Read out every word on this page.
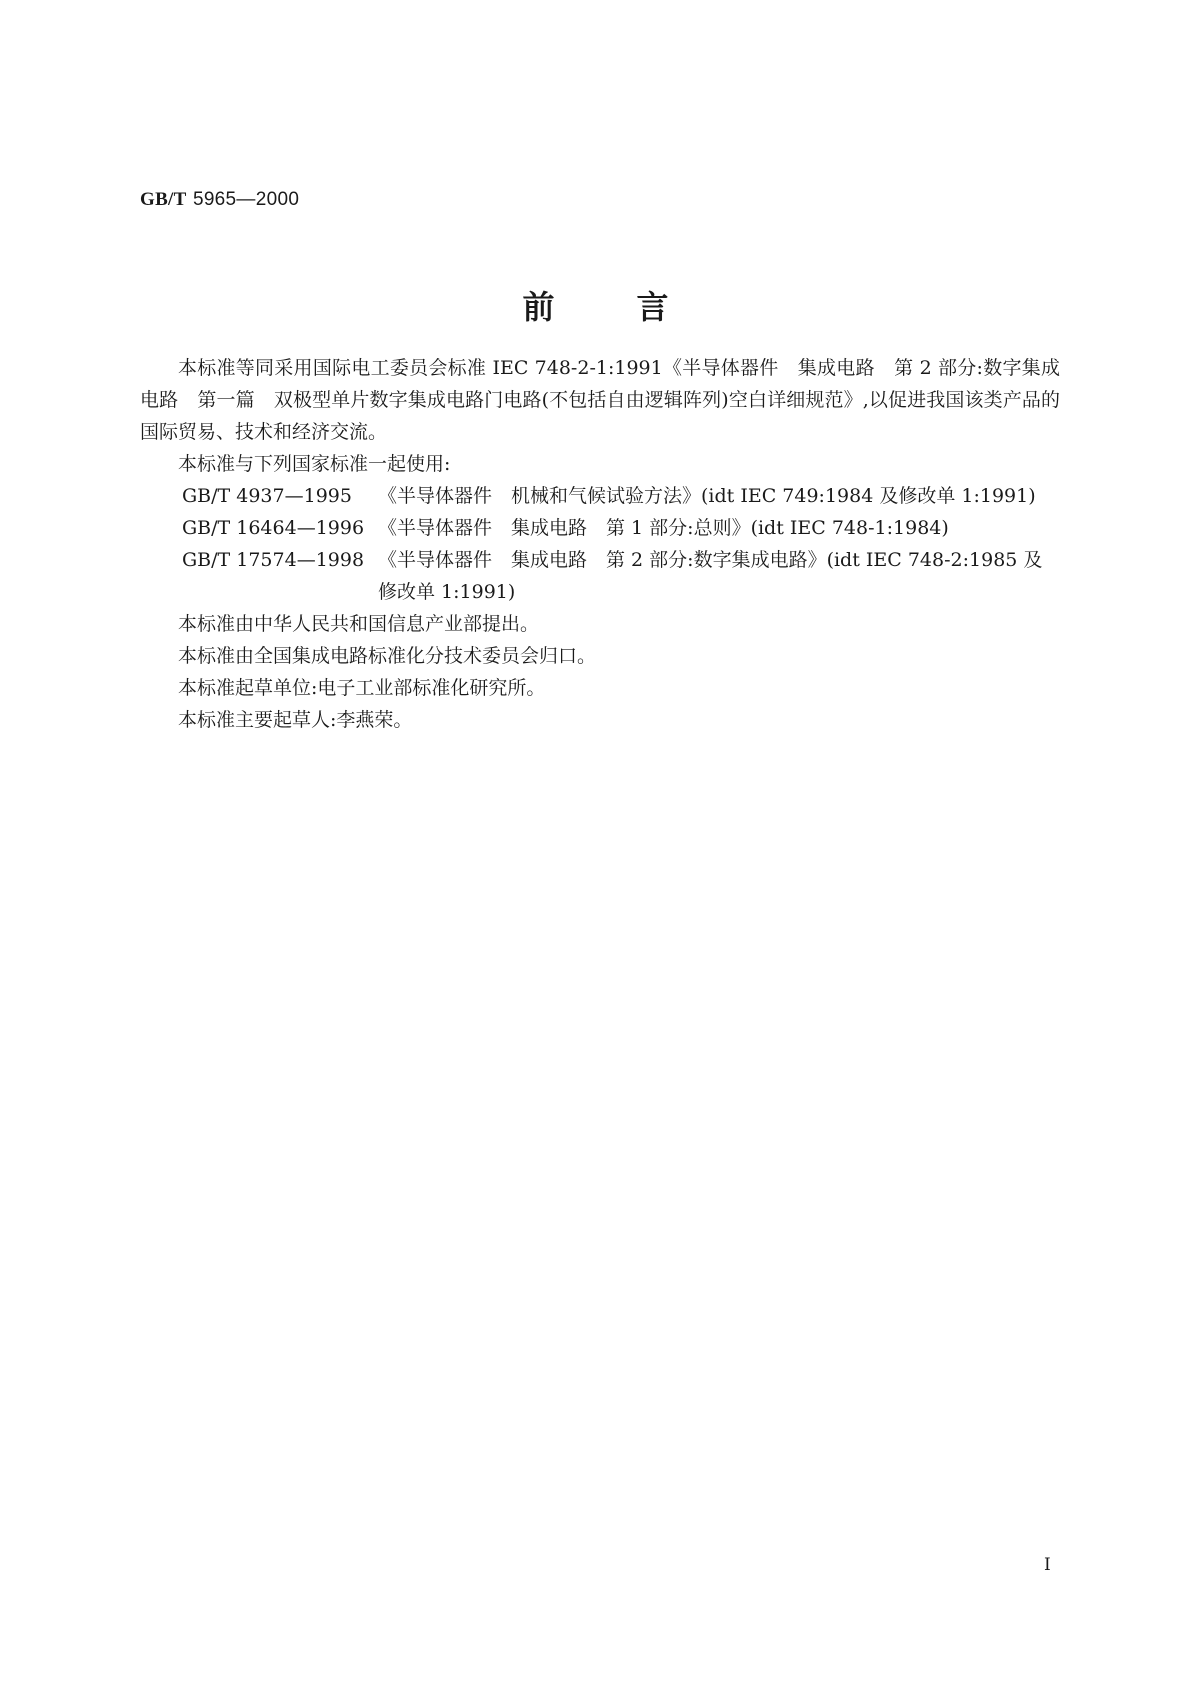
GB/T 5965—2000
前言

本标准等同采用国际电工委员会标准 IEC 748-2-1:1991《半导体器件　集成电路　第 2 部分:数字集成电路　第一篇　双极型单片数字集成电路门电路(不包括自由逻辑阵列)空白详细规范》,以促进我国该类产品的国际贸易、技术和经济交流。

本标准与下列国家标准一起使用:

GB/T 4937—1995	《半导体器件　机械和气候试验方法》(idt IEC 749:1984 及修改单 1:1991)
GB/T 16464—1996 《半导体器件　集成电路　第 1 部分:总则》(idt IEC 748-1:1984)
GB/T 17574—1998 《半导体器件　集成电路　第 2 部分:数字集成电路》(idt IEC 748-2:1985 及修改单 1:1991)

本标准由中华人民共和国信息产业部提出。

本标准由全国集成电路标准化分技术委员会归口。

本标准起草单位:电子工业部标准化研究所。

本标准主要起草人:李燕荣。

I
